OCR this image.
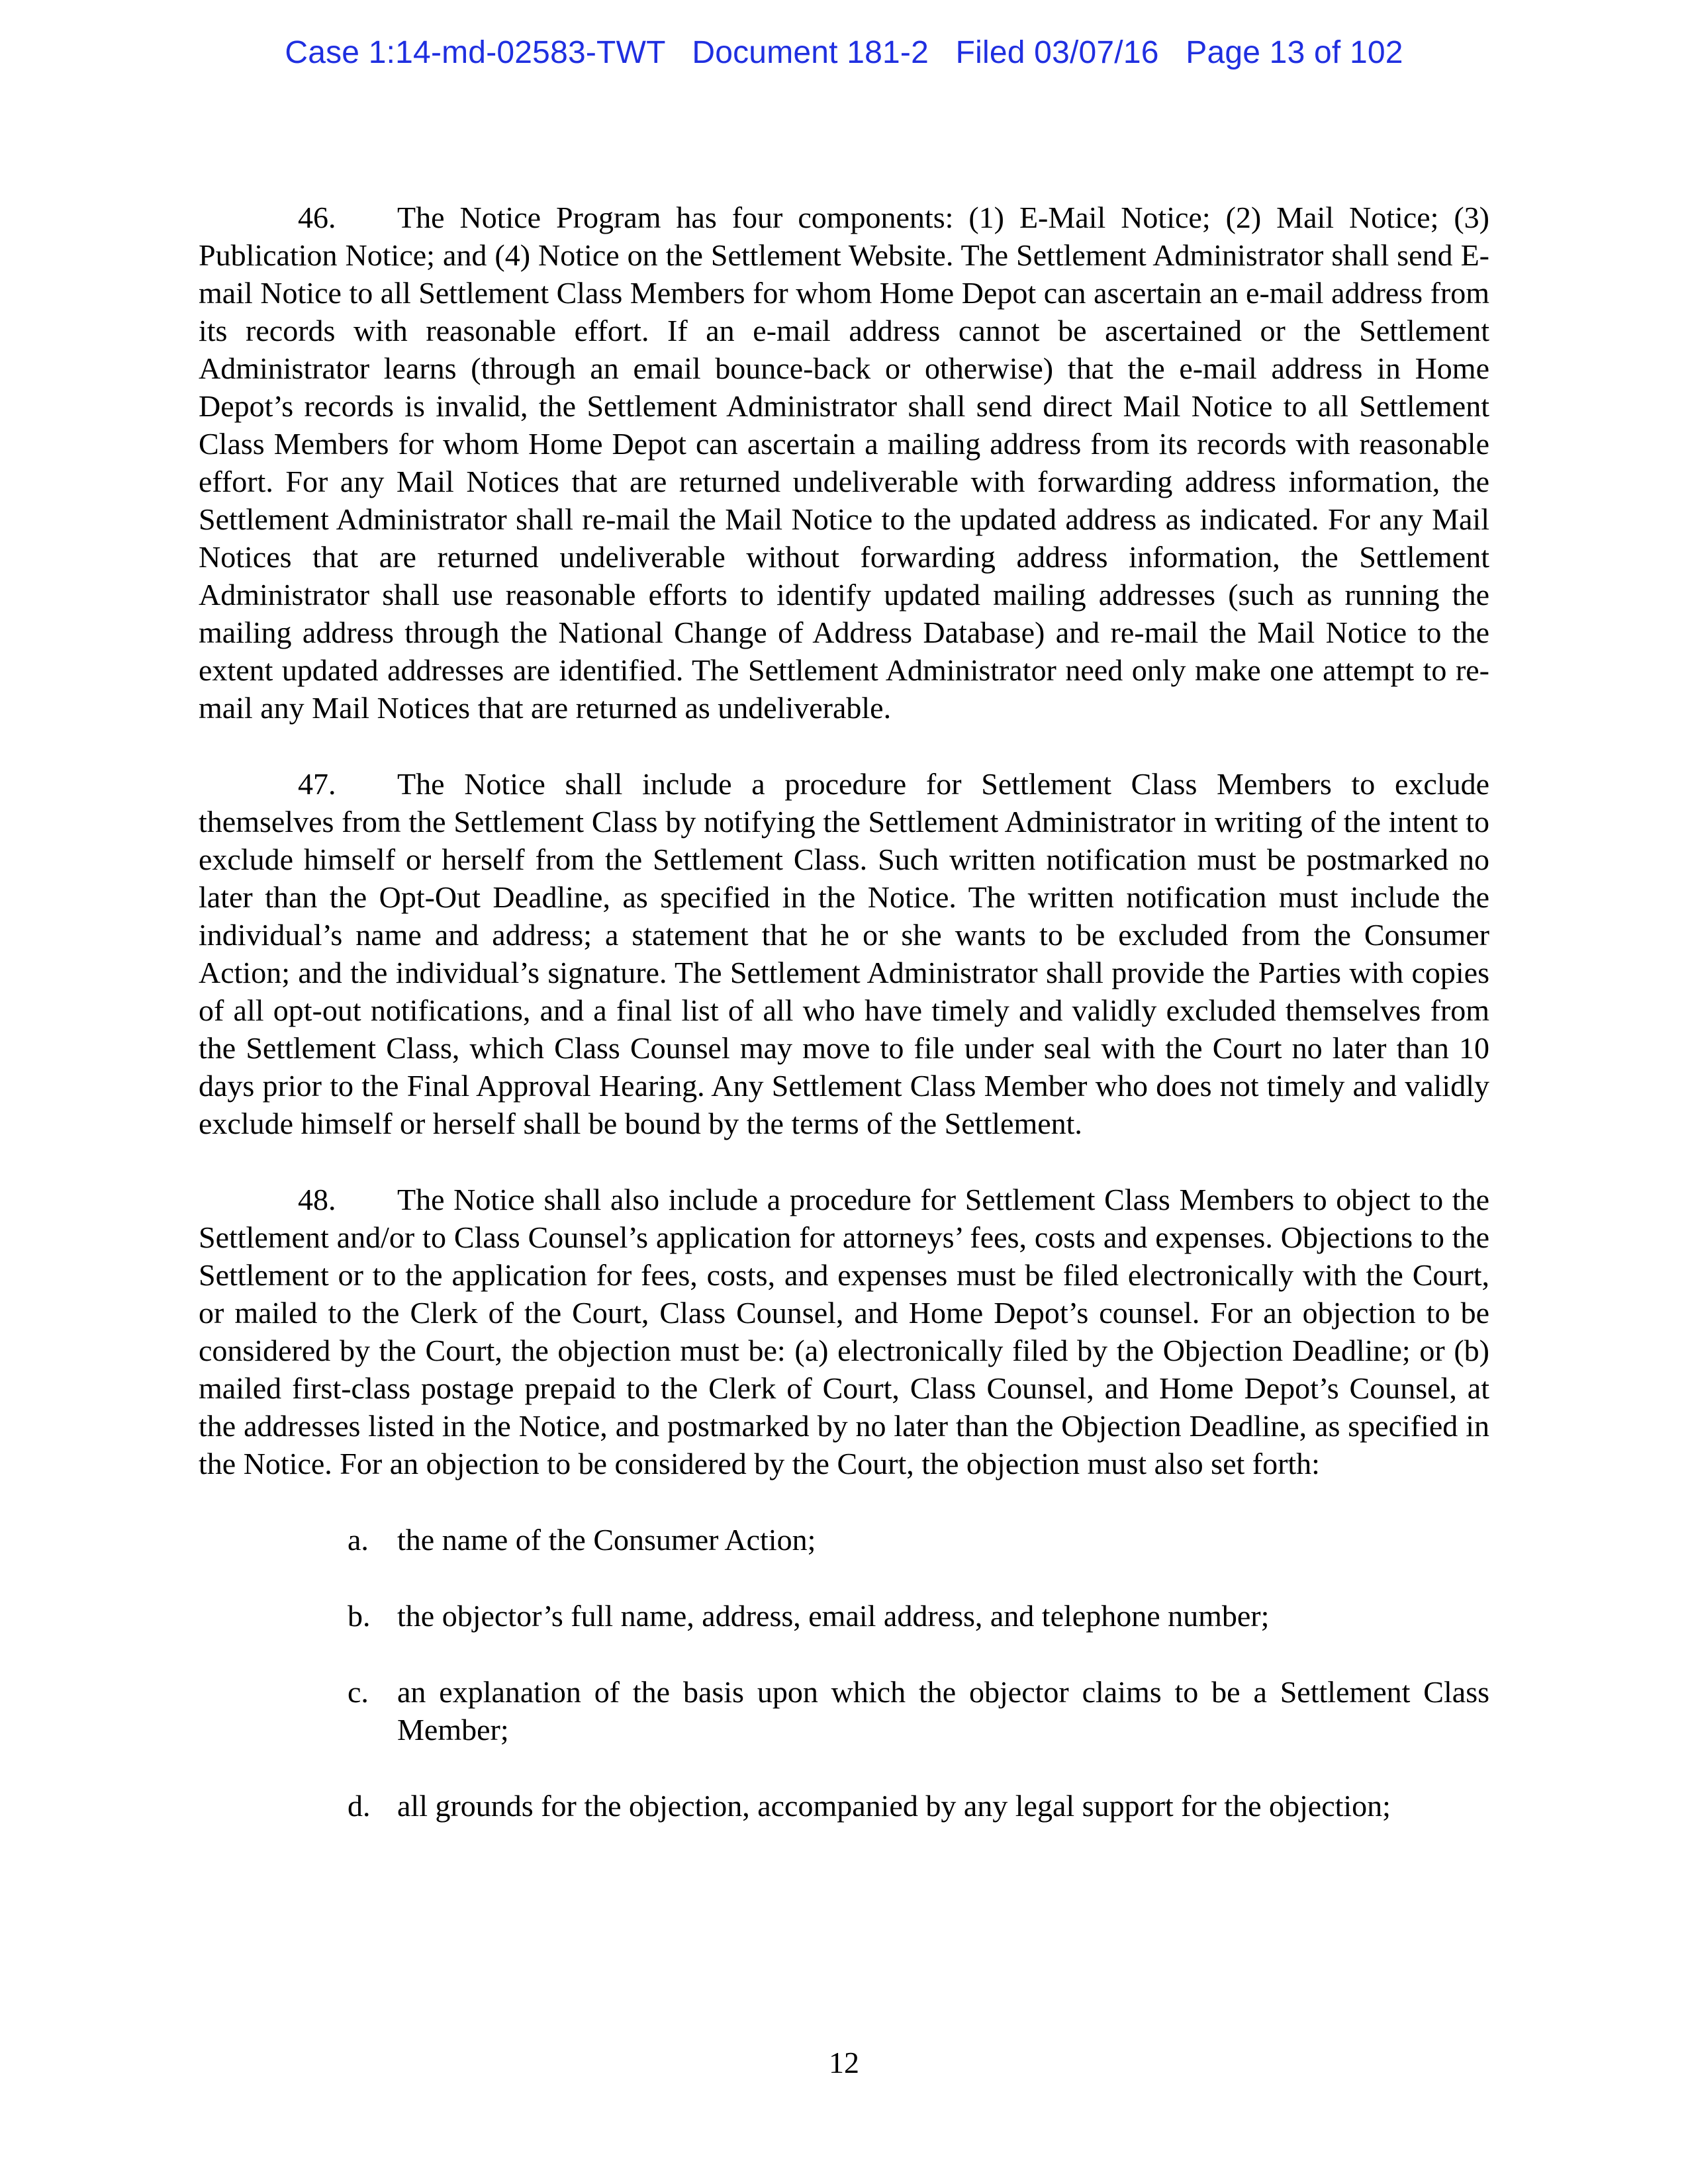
Case 1:14-md-02583-TWT   Document 181-2   Filed 03/07/16   Page 13 of 102

46. The Notice Program has four components: (1) E-Mail Notice; (2) Mail Notice; (3) Publication Notice; and (4) Notice on the Settlement Website. The Settlement Administrator shall send E-mail Notice to all Settlement Class Members for whom Home Depot can ascertain an e-mail address from its records with reasonable effort. If an e-mail address cannot be ascertained or the Settlement Administrator learns (through an email bounce-back or otherwise) that the e-mail address in Home Depot’s records is invalid, the Settlement Administrator shall send direct Mail Notice to all Settlement Class Members for whom Home Depot can ascertain a mailing address from its records with reasonable effort. For any Mail Notices that are returned undeliverable with forwarding address information, the Settlement Administrator shall re-mail the Mail Notice to the updated address as indicated. For any Mail Notices that are returned undeliverable without forwarding address information, the Settlement Administrator shall use reasonable efforts to identify updated mailing addresses (such as running the mailing address through the National Change of Address Database) and re-mail the Mail Notice to the extent updated addresses are identified. The Settlement Administrator need only make one attempt to re-mail any Mail Notices that are returned as undeliverable.

47. The Notice shall include a procedure for Settlement Class Members to exclude themselves from the Settlement Class by notifying the Settlement Administrator in writing of the intent to exclude himself or herself from the Settlement Class. Such written notification must be postmarked no later than the Opt-Out Deadline, as specified in the Notice. The written notification must include the individual’s name and address; a statement that he or she wants to be excluded from the Consumer Action; and the individual’s signature. The Settlement Administrator shall provide the Parties with copies of all opt-out notifications, and a final list of all who have timely and validly excluded themselves from the Settlement Class, which Class Counsel may move to file under seal with the Court no later than 10 days prior to the Final Approval Hearing. Any Settlement Class Member who does not timely and validly exclude himself or herself shall be bound by the terms of the Settlement.

48. The Notice shall also include a procedure for Settlement Class Members to object to the Settlement and/or to Class Counsel’s application for attorneys’ fees, costs and expenses. Objections to the Settlement or to the application for fees, costs, and expenses must be filed electronically with the Court, or mailed to the Clerk of the Court, Class Counsel, and Home Depot’s counsel. For an objection to be considered by the Court, the objection must be: (a) electronically filed by the Objection Deadline; or (b) mailed first-class postage prepaid to the Clerk of Court, Class Counsel, and Home Depot’s Counsel, at the addresses listed in the Notice, and postmarked by no later than the Objection Deadline, as specified in the Notice. For an objection to be considered by the Court, the objection must also set forth:

a. the name of the Consumer Action;
b. the objector’s full name, address, email address, and telephone number;
c. an explanation of the basis upon which the objector claims to be a Settlement Class Member;
d. all grounds for the objection, accompanied by any legal support for the objection;
12
